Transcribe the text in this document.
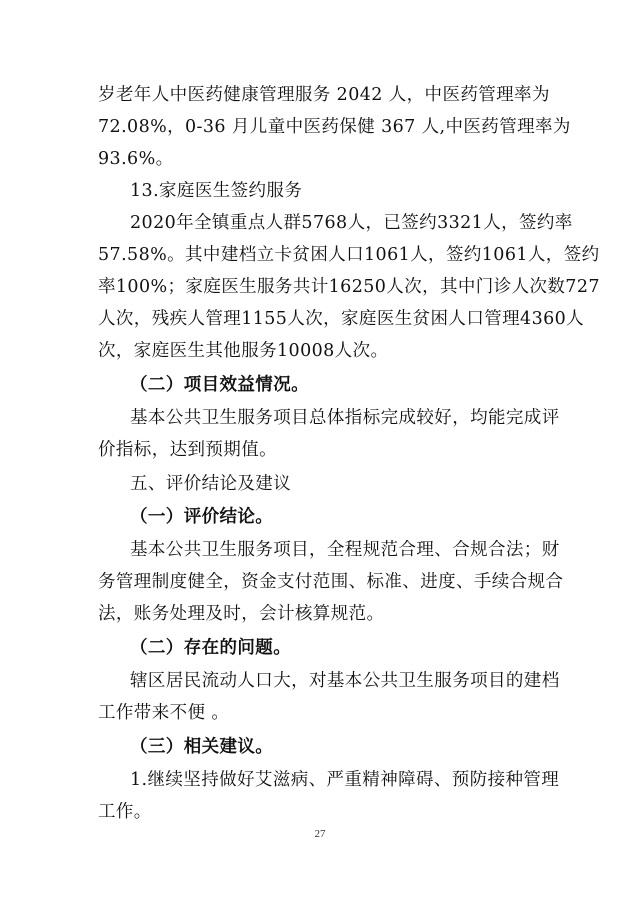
岁老年人中医药健康管理服务 2042 人，中医药管理率为
72.08%，0-36 月儿童中医药保健 367 人,中医药管理率为
93.6%。
13.家庭医生签约服务
2020年全镇重点人群5768人，已签约3321人，签约率
57.58%。其中建档立卡贫困人口1061人，签约1061人，签约
率100%；家庭医生服务共计16250人次，其中门诊人次数727
人次，残疾人管理1155人次，家庭医生贫困人口管理4360人
次，家庭医生其他服务10008人次。
（二）项目效益情况。
基本公共卫生服务项目总体指标完成较好，均能完成评
价指标，达到预期值。
五、评价结论及建议
（一）评价结论。
基本公共卫生服务项目，全程规范合理、合规合法；财
务管理制度健全，资金支付范围、标准、进度、手续合规合
法，账务处理及时，会计核算规范。
（二）存在的问题。
辖区居民流动人口大，对基本公共卫生服务项目的建档
工作带来不便 。
（三）相关建议。
1.继续坚持做好艾滋病、严重精神障碍、预防接种管理
工作。
27
